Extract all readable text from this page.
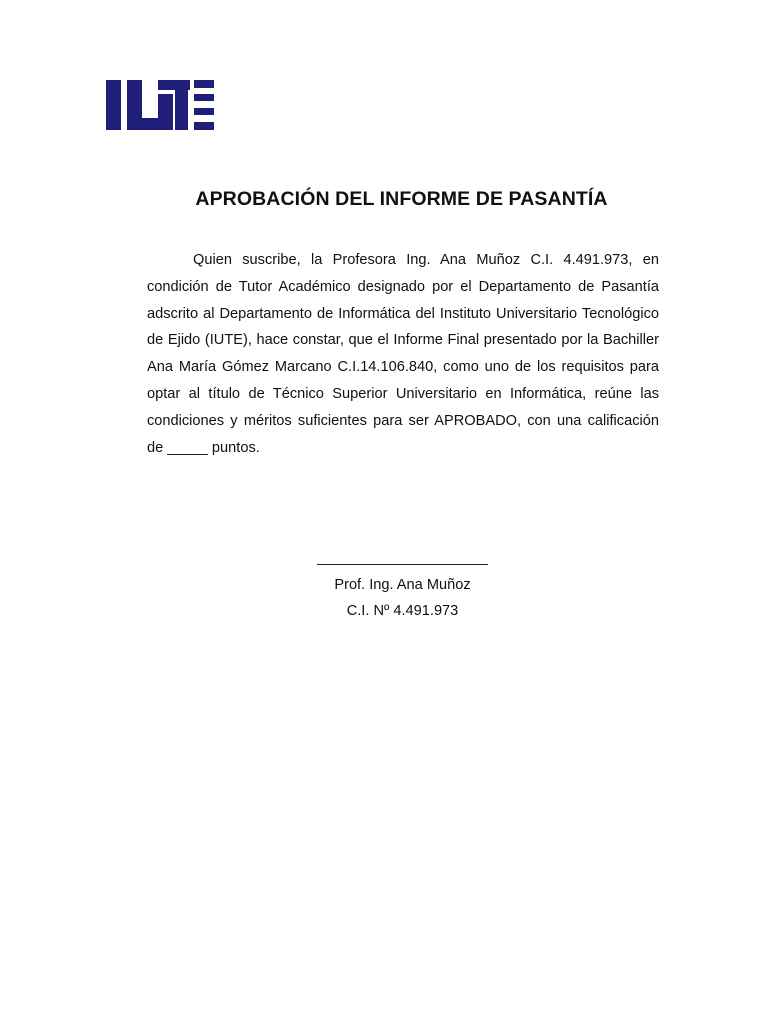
APROBACIÓN DEL INFORME DE PASANTÍA

Quien suscribe, la Profesora Ing. Ana Muñoz C.I. 4.491.973, en condición de Tutor Académico designado por el Departamento de Pasantía adscrito al Departamento de Informática del Instituto Universitario Tecnológico de Ejido (IUTE), hace constar, que el Informe Final presentado por la Bachiller Ana María Gómez Marcano C.I.14.106.840, como uno de los requisitos para optar al título de Técnico Superior Universitario en Informática, reúne las condiciones y méritos suficientes para ser APROBADO, con una calificación de _____ puntos.

_____________________
Prof. Ing. Ana Muñoz
C.I. Nº 4.491.973
